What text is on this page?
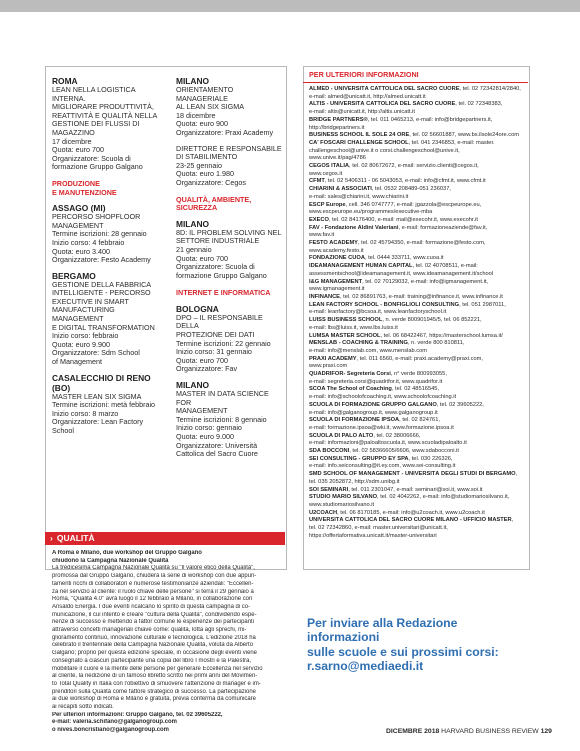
ROMA
LEAN NELLA LOGISTICA INTERNA.
MIGLIORARE PRODUTTIVITÀ,
REATTIVITÀ E QUALITÀ NELLA
GESTIONE DEI FLUSSI DI
MAGAZZINO
17 dicembre
Quota: euro 700
Organizzatore: Scuola di
formazione Gruppo Galgano
PRODUZIONE
E MANUTENZIONE
ASSAGO (MI)
PERCORSO SHOPFLOOR
MANAGEMENT
Termine iscrizioni: 28 gennaio
Inizio corso: 4 febbraio
Quota: euro 3.400
Organizzatore: Festo Academy
BERGAMO
GESTIONE DELLA FABBRICA
INTELLIGENTE - PERCORSO
EXECUTIVE IN SMART
MANUFACTURING MANAGEMENT
E DIGITAL TRANSFORMATION
Inizio corso: febbraio
Quota: euro 9.900
Organizzatore: Sdm School
of Management
CASALECCHIO DI RENO (BO)
MASTER LEAN SIX SIGMA
Termine iscrizioni: metà febbraio
Inizio corso: 8 marzo
Organizzatore: Lean Factory
School
MILANO
ORIENTAMENTO MANAGERIALE
AL LEAN SIX SIGMA
18 dicembre
Quota: euro 900
Organizzatore: Praxi Academy
DIRETTORE E RESPONSABILE
DI STABILIMENTO
23-25 gennaio
Quota: euro 1.980
Organizzatore: Cegos
QUALITÀ, AMBIENTE,
SICUREZZA
MILANO
8D: IL PROBLEM SOLVING NEL
SETTORE INDUSTRIALE
21 gennaio
Quota: euro 700
Organizzatore: Scuola di
formazione Gruppo Galgano
INTERNET E INFORMATICA
BOLOGNA
DPO – IL RESPONSABILE DELLA
PROTEZIONE DEI DATI
Termine iscrizioni: 22 gennaio
Inizio corso: 31 gennaio
Quota: euro 700
Organizzatore: Fav
MILANO
MASTER IN DATA SCIENCE FOR
MANAGEMENT
Termine iscrizioni: 8 gennaio
Inizio corso: gennaio
Quota: euro 9.000
Organizzatore: Università
Cattolica del Sacro Cuore
PER ULTERIORI INFORMAZIONI
ALMED - UNIVERSITÀ CATTOLICA DEL SACRO CUORE, tel. 02 72342814/2840,
e-mail: almed@unicatt.it, http://almed.unicatt.it
ALTIS - UNIVERSITÀ CATTOLICA DEL SACRO CUORE, tel. 02 72348383,
e-mail: altis@unicatt.it, http://altis.unicatt.it
BRIDGE PARTNERS®, tel. 011 0465213, e-mail: info@bridgepartners.it,
http://bridgepartners.it
BUSINESS SCHOOL IL SOLE 24 ORE, tel. 02 56601887, www.bs.ilsole24ore.com
CA' FOSCARI CHALLENGE SCHOOL, tel. 041 2346853, e-mail: master.
challengeschool@unive.it o corsi.challengeschool@unive.it,
www.unive.it/pag/4786
CEGOS ITALIA, tel. 02 80672672, e-mail: servizio.clienti@cegos.it,
www.cegos.it
CFMT, tel. 02 5406311 - 06 5043053, e-mail: info@cfmt.it, www.cfmt.it
CHIARINI & ASSOCIATI, tel. 0532 208489-051 236037,
e-mail: sales@chiarini.it, www.chiarini.it
ESCP Europe, cell. 346 0747777, e-mail: jgazzola@escpeurope.eu,
www.escpeurope.eu/programmes/executive-mba
EXECO, tel. 02 84176400, e-mail: mail@execohr.it, www.execohr.it
FAV - Fondazione Aldini Valeriani, e-mail: formazioneaziende@fav.it,
www.fav.it
FESTO ACADEMY, tel. 02 45794350, e-mail: formazione@festo.com,
www.academy.festo.it
FONDAZIONE CUOA, tel. 0444 333711, www.cuoa.it
IDEAMANAGEMENT HUMAN CAPITAL, tel. 02 40708511, e-mail:
assessmentschool@ideamanagement.it, www.ideamanagement.it/school
I&G MANAGEMENT, tel. 02 70129032, e-mail: info@igmanagement.it,
www.igmanagement.it
INFINANCE, tel. 02 86891763, e-mail: training@infinance.it, www.infinance.it
LEAN FACTORY SCHOOL - BONFIGLIOLI CONSULTING, tel. 051 2987011,
e-mail: leanfactory@bcsoa.it, www.leanfactoryschool.it
LUISS BUSINESS SCHOOL, n. verde 800901945/5, tel. 06 852221,
e-mail: lbs@luiss.it, www.lbs.luiss.it
LUMSA MASTER SCHOOL, tel. 06 68422467, https://masterschool.lumsa.it/
MENSLAB - COACHING & TRAINING, n. verde 800 810811,
e-mail: info@menslab.com, www.menslab.com
PRAXI ACADEMY, tel. 011 6560, e-mail: praxi.academy@praxi.com,
www.praxi.com
QUADRIFOR- Segreteria Corsi, n° verde 800993055,
e-mail: segreteria.corsi@quadrifor.it, www.quadrifor.it
SCOA The School of Coaching, tel. 02 48516545,
e-mail: info@schoolofcoaching.it, www.schoolofcoaching.it
SCUOLA DI FORMAZIONE GRUPPO GALGANO, tel. 02 39605222,
e-mail: info@galganogroup.it, www.galganogroup.it
SCUOLA DI FORMAZIONE IPSOA, tel. 02 824761,
e-mail: formazione.ipsoa@wki.it, www.formazione.ipsoa.it
SCUOLA DI PALO ALTO, tel. 02 38006666,
e-mail: informazioni@paloaltoscuola.it, www.scuoladipaloalto.it
SDA BOCCONI, tel. 02 58366605/6606, www.sdabocconi.it
SEI CONSULTING - GRUPPO EY SPA, tel. 030 226326,
e-mail: info.seiconsulting@it.ey.com, www.sei-consulting.it
SMD SCHOOL OF MANAGEMENT - UNIVERSITÀ DEGLI STUDI DI BERGAMO,
tel. 035 2052872, http://sdm.unibg.it
SOI SEMINARI, tel. 011 2301047, e-mail: seminari@soi.it, www.soi.it
STUDIO MARIO SILVANO, tel. 02 4042262, e-mail: info@studiomariosilvano.it,
www.studiomariosilvano.it
U2COACH, tel. 06 8170185, e-mail: info@u2coach.it, www.u2coach.it
UNIVERSITÀ CATTOLICA DEL SACRO CUORE MILANO - UFFICIO MASTER,
tel. 02 72342860, e-mail: master.universitari@unicatt.it,
https://offertaformativa.unicatt.it/master-universitari
› QUALITÀ
A Roma e Milano, due workshop del Gruppo Galgano
chiudono la Campagna Nazionale Qualità
La tredicesima Campagna Nazionale Qualità su "Il valore etico della Qualità",
promossa dal Gruppo Galgano, chiuderà la serie di workshop con due appun-
tamenti ricchi di collaboratori e numerose testimonianze aziendali: "Eccellen-
za nel servizio al cliente: il ruolo chiave delle persone" si terrà il 29 gennaio a
Roma, "Qualità 4.0" avrà luogo il 12 febbraio a Milano, in collaborazione con
Ansaldo Energia. I due eventi ricalcano lo spirito di questa campagna di co-
municazione, il cui intento è creare "cultura della Qualità", condividendo espe-
rienze di successo e mettendo a fattor comune le esperienze dei partecipanti
attraverso concetti manageriali chiave come: qualità, lotta agli sprechi, mi-
glioramento continuo, innovazione culturale e tecnologica. L'edizione 2018 ha
celebrato il trentennale della Campagna Nazionale Qualità, voluta da Alberto
Galgano; proprio per questa edizione speciale, in occasione degli eventi viene
consegnato a ciascun partecipante una copia del libro I mostri e la Palestra,
mobilitare il cuore e la mente delle persone per generare Eccellenza nel servizio
al cliente, la riedizione di un famoso libretto scritto nei primi anni del Movimen-
to Total Quality in Italia con l'obiettivo di smuovere l'attenzione di manager e im-
prenditori sulla Qualità come fattore strategico di successo. La partecipazione
ai due workshop di Roma e Milano è gratuita, previa conferma da comunicare
ai recapiti sotto indicati.
Per ulteriori informazioni: Gruppo Galgano, tel. 02 39605222,
e-mail: valeria.schifano@galganogroup.com
o nives.boncristiano@galganogroup.com
Per inviare alla Redazione informazioni
sulle scuole e sui prossimi corsi:
r.sarno@mediaedi.it
DICEMBRE 2018 HARVARD BUSINESS REVIEW 129
